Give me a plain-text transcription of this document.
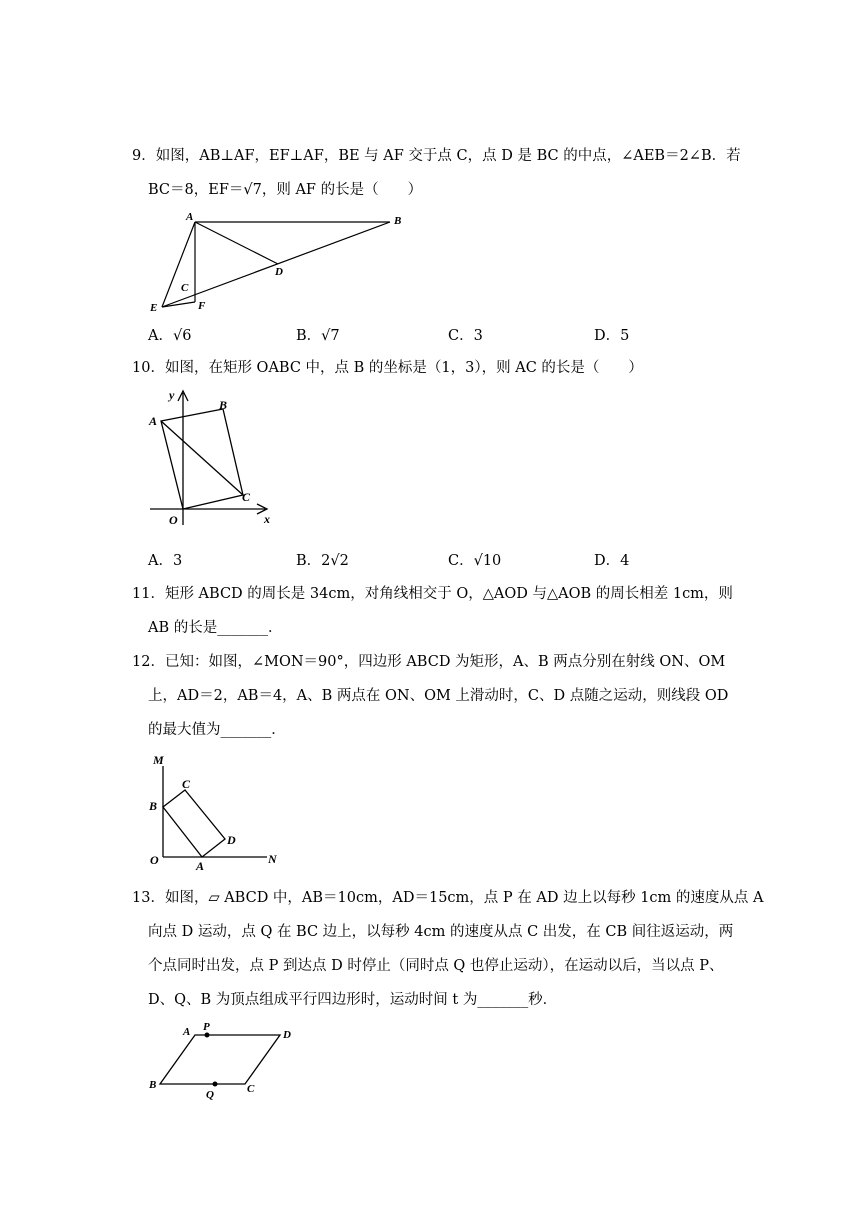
9．如图，AB⊥AF，EF⊥AF，BE 与 AF 交于点 C，点 D 是 BC 的中点，∠AEB＝2∠B．若
BC＝8，EF＝√7，则 AF 的长是（　　）
A	B
C
D
E	F
A．√6	B．√7	C．3	D．5
10．如图，在矩形 OABC 中，点 B 的坐标是（1，3），则 AC 的长是（　　）
y
x
O
A
B
C
A．3	B．2√2	C．√10	D．4
11．矩形 ABCD 的周长是 34cm，对角线相交于 O，△AOD 与△AOB 的周长相差 1cm，则
AB 的长是_______．
12．已知：如图，∠MON＝90°，四边形 ABCD 为矩形，A、B 两点分别在射线 ON、OM
上，AD＝2，AB＝4，A、B 两点在 ON、OM 上滑动时，C、D 点随之运动，则线段 OD
的最大值为_______．
M
N
O	A
B
C
D
13．如图，▱ ABCD 中，AB＝10cm，AD＝15cm，点 P 在 AD 边上以每秒 1cm 的速度从点 A
向点 D 运动，点 Q 在 BC 边上，以每秒 4cm 的速度从点 C 出发，在 CB 间往返运动，两
个点同时出发，点 P 到达点 D 时停止（同时点 Q 也停止运动），在运动以后，当以点 P、
D、Q、B 为顶点组成平行四边形时，运动时间 t 为_______秒．
A P
D
B
Q	C
